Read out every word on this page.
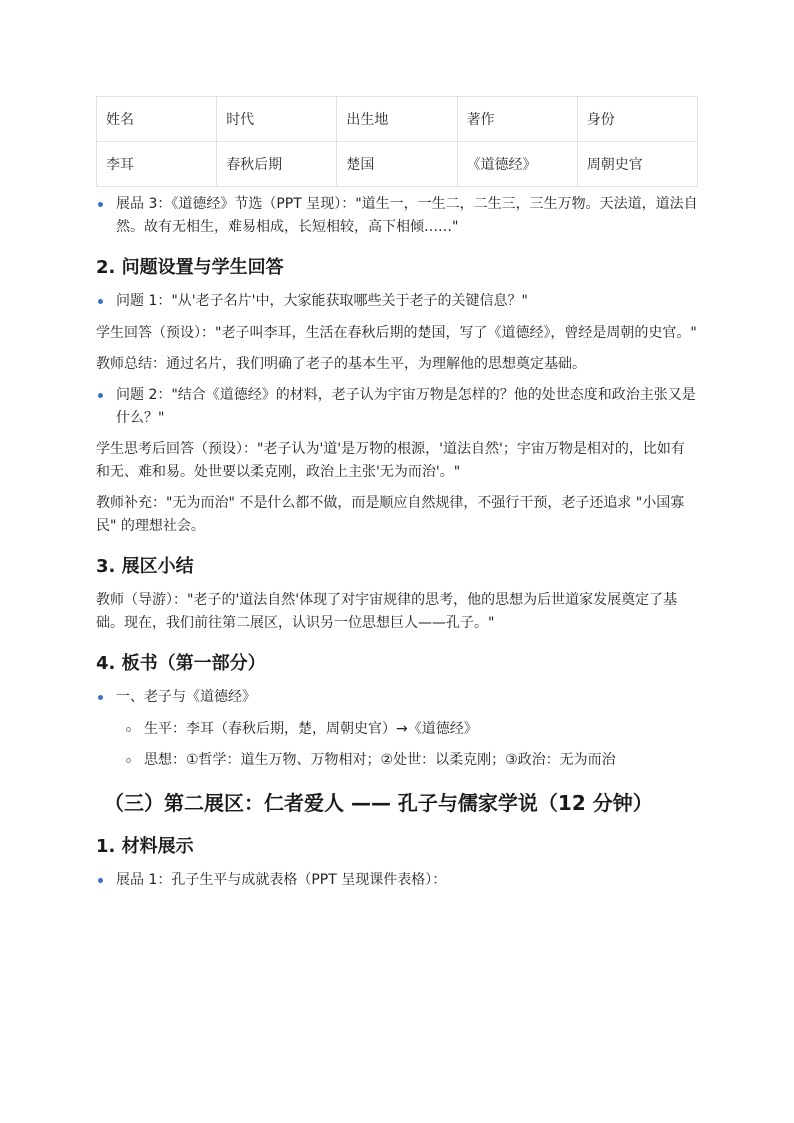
姓名	时代	出生地	著作	身份
李耳	春秋后期	楚国	《道德经》	周朝史官
展品 3：《道德经》节选（PPT 呈现）："道生一，一生二，二生三，三生万物。天法道，道法自然。故有无相生，难易相成，长短相较，高下相倾……"
2. 问题设置与学生回答
问题 1："从'老子名片'中，大家能获取哪些关于老子的关键信息？"
学生回答（预设）："老子叫李耳，生活在春秋后期的楚国，写了《道德经》，曾经是周朝的史官。"
教师总结：通过名片，我们明确了老子的基本生平，为理解他的思想奠定基础。
问题 2："结合《道德经》的材料，老子认为宇宙万物是怎样的？他的处世态度和政治主张又是什么？"
学生思考后回答（预设）："老子认为'道'是万物的根源，'道法自然'；宇宙万物是相对的，比如有和无、难和易。处世要以柔克刚，政治上主张'无为而治'。"
教师补充："无为而治" 不是什么都不做，而是顺应自然规律，不强行干预，老子还追求 "小国寡民" 的理想社会。
3. 展区小结
教师（导游）："老子的'道法自然'体现了对宇宙规律的思考，他的思想为后世道家发展奠定了基础。现在，我们前往第二展区，认识另一位思想巨人——孔子。"
4. 板书（第一部分）
一、老子与《道德经》
生平：李耳（春秋后期，楚，周朝史官）→《道德经》
思想：①哲学：道生万物、万物相对；②处世：以柔克刚；③政治：无为而治
（三）第二展区：仁者爱人 —— 孔子与儒家学说（12 分钟）
1. 材料展示
展品 1：孔子生平与成就表格（PPT 呈现课件表格）：
